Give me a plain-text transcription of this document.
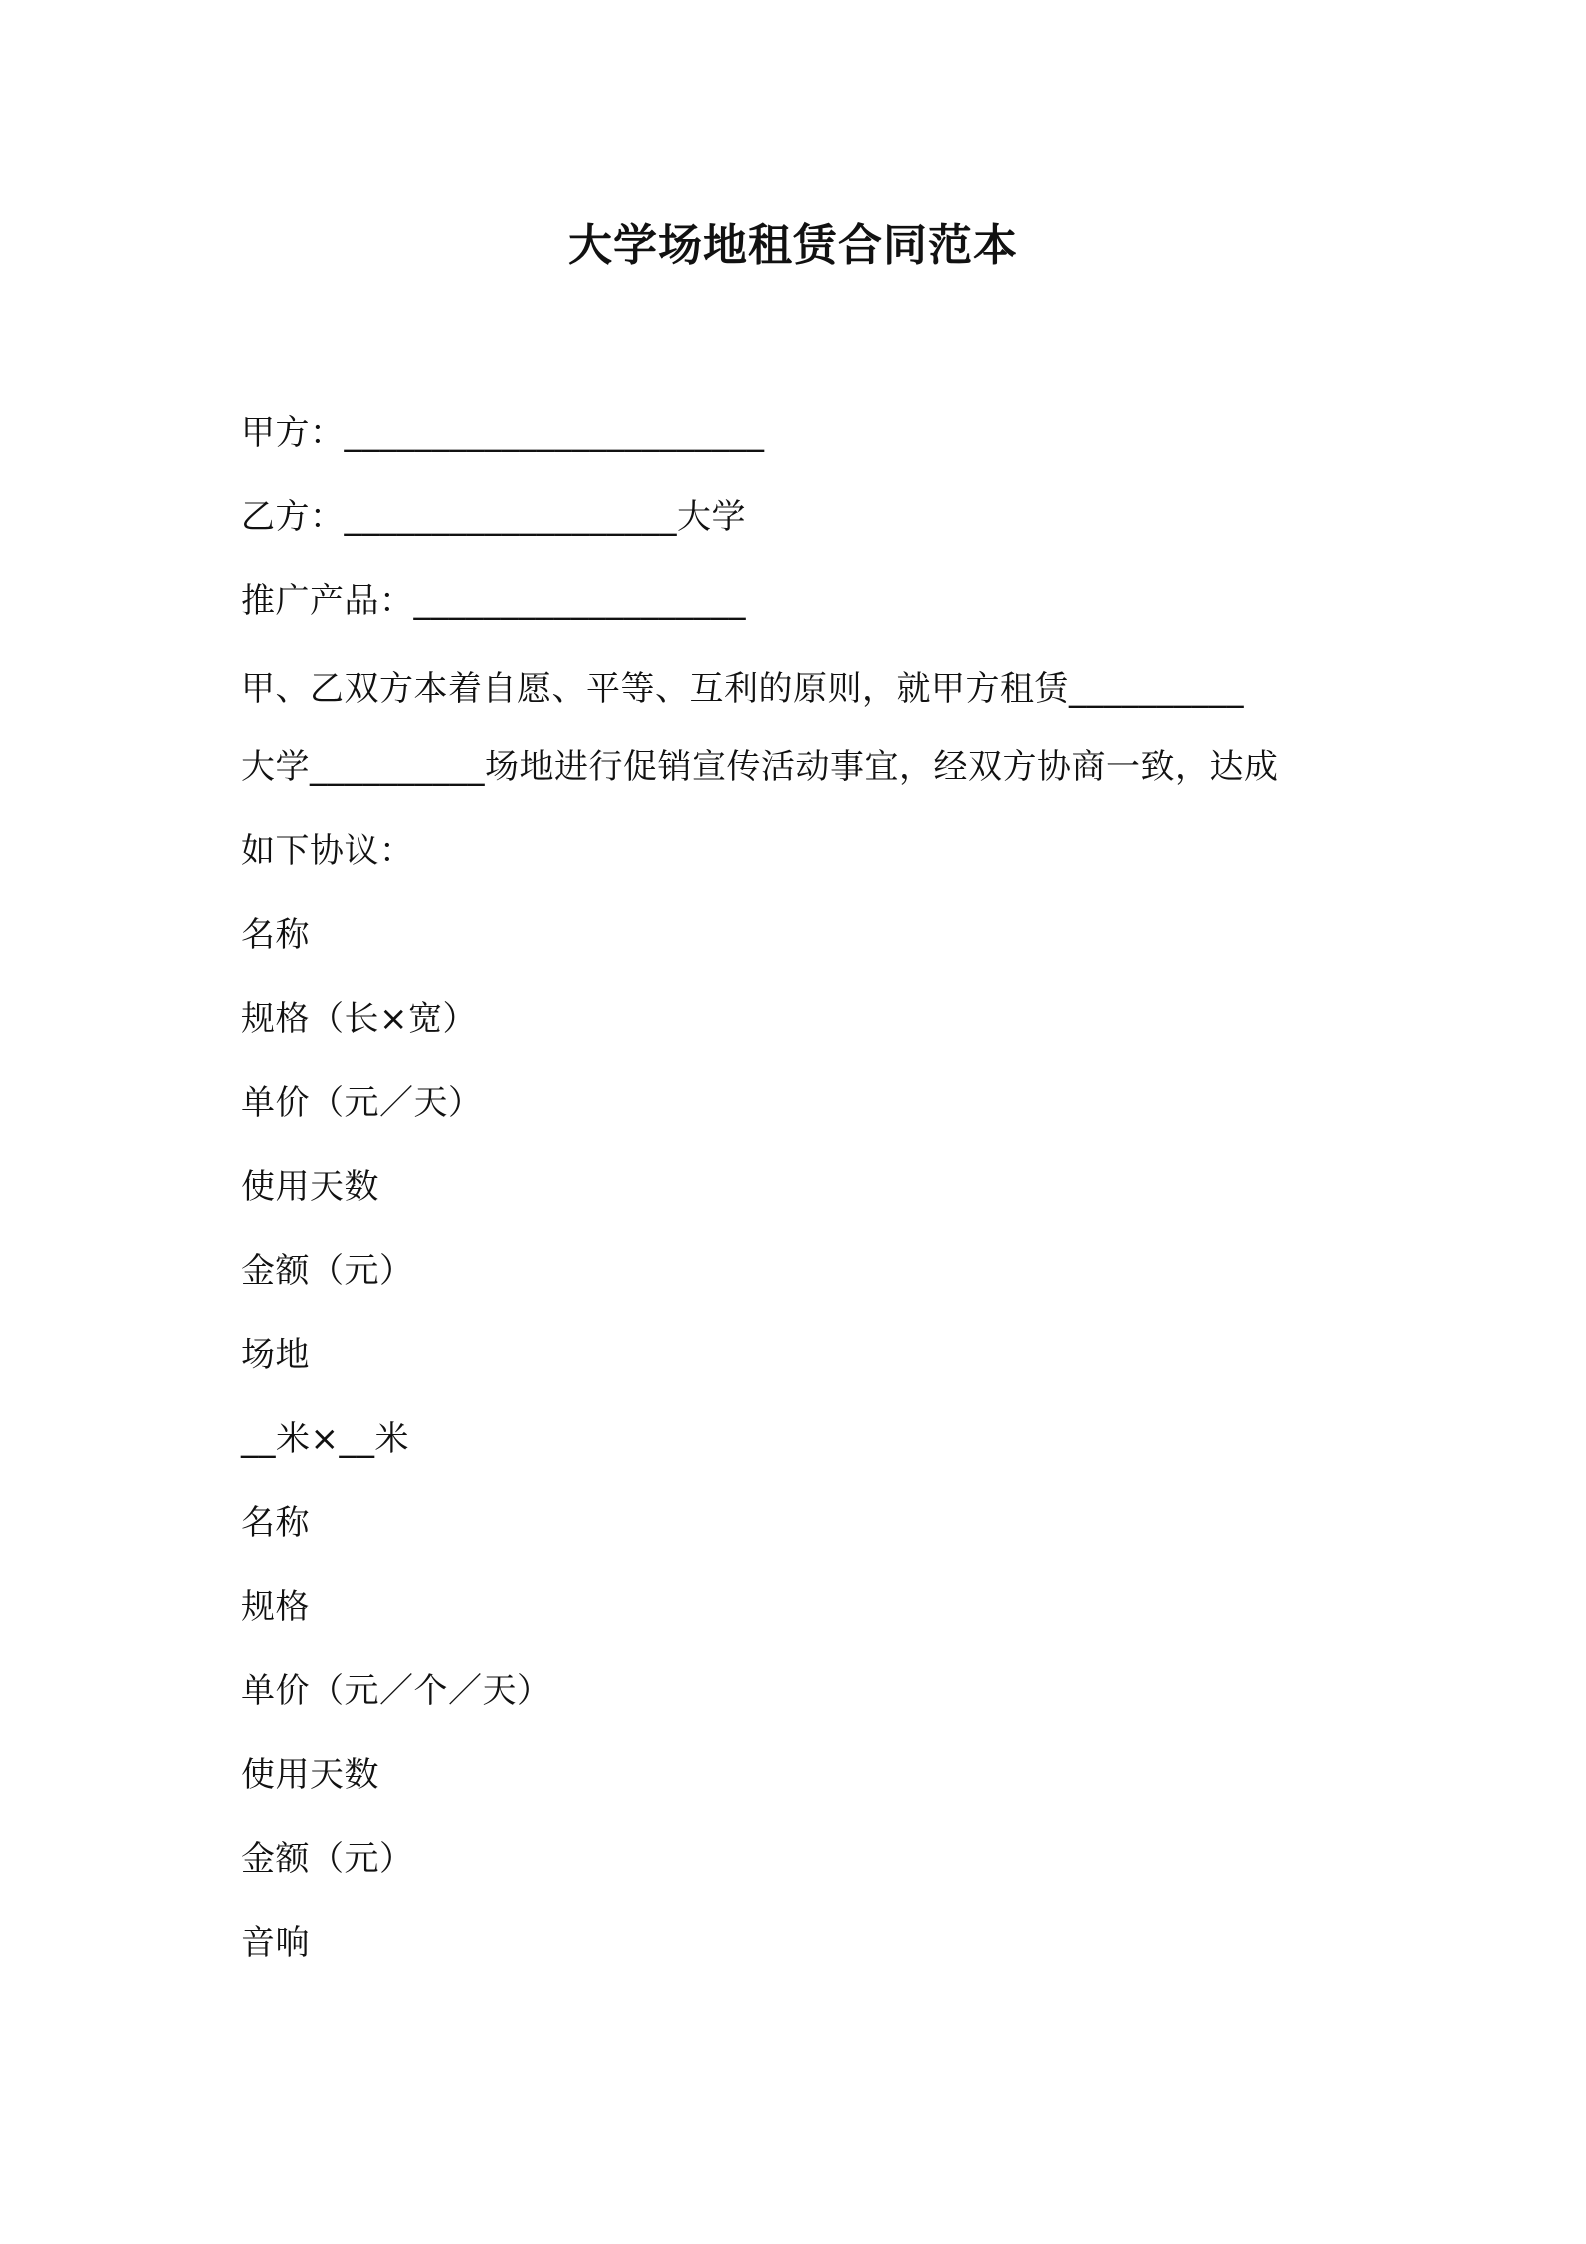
大学场地租赁合同范本
甲方：________________________
乙方：___________________大学
推广产品：___________________
甲、乙双方本着自愿、平等、互利的原则，就甲方租赁__________
大学__________场地进行促销宣传活动事宜，经双方协商一致，达成
如下协议：
名称
规格（长×宽）
单价（元／天）
使用天数
金额（元）
场地
__米×__米
名称
规格
单价（元／个／天）
使用天数
金额（元）
音响
